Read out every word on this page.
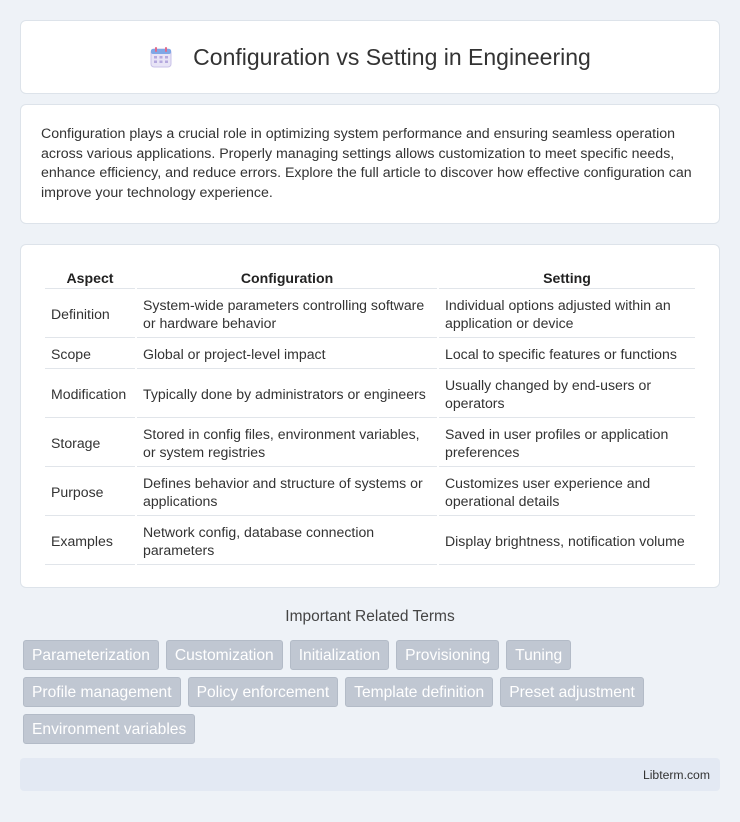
Configuration vs Setting in Engineering

Configuration plays a crucial role in optimizing system performance and ensuring seamless operation across various applications. Properly managing settings allows customization to meet specific needs, enhance efficiency, and reduce errors. Explore the full article to discover how effective configuration can improve your technology experience.

Aspect	Configuration	Setting
Definition	System-wide parameters controlling software or hardware behavior	Individual options adjusted within an application or device
Scope	Global or project-level impact	Local to specific features or functions
Modification	Typically done by administrators or engineers	Usually changed by end-users or operators
Storage	Stored in config files, environment variables, or system registries	Saved in user profiles or application preferences
Purpose	Defines behavior and structure of systems or applications	Customizes user experience and operational details
Examples	Network config, database connection parameters	Display brightness, notification volume
Important Related Terms
Parameterization	Customization	Initialization	Provisioning	Tuning
Profile management	Policy enforcement	Template definition	Preset adjustment
Environment variables
Libterm.com
